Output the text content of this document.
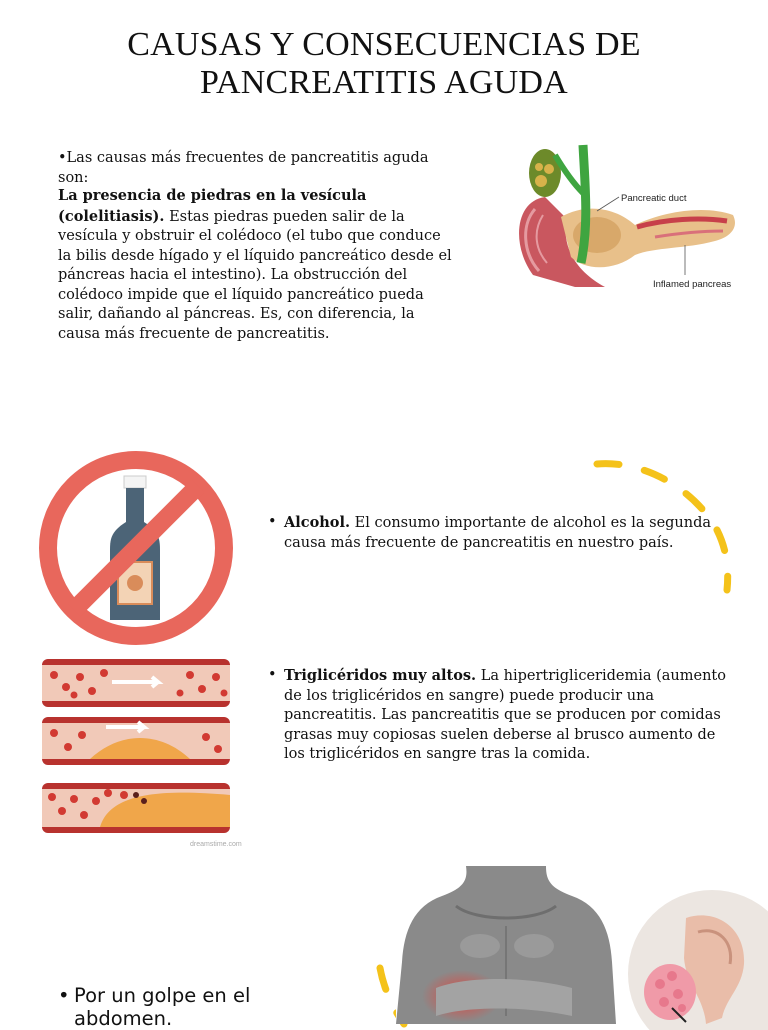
CAUSAS Y CONSECUENCIAS DE PANCREATITIS AGUDA
•Las causas más frecuentes de pancreatitis aguda son:
La presencia de piedras en la vesícula (colelitiasis). Estas piedras pueden salir de la vesícula y obstruir el colédoco (el tubo que conduce la bilis desde hígado y el líquido pancreático desde el páncreas hacia el intestino). La obstrucción del colédoco impide que el líquido pancreático pueda salir, dañando al páncreas. Es, con diferencia, la causa más frecuente de pancreatitis.
Pancreatic duct
Inflamed pancreas
• Alcohol. El consumo importante de alcohol es la segunda causa más frecuente de pancreatitis en nuestro país.
dreamstime.com
• Triglicéridos muy altos. La hipertrigliceridemia (aumento de los triglicéridos en sangre) puede producir una pancreatitis. Las pancreatitis que se producen por comidas grasas muy copiosas suelen deberse al brusco aumento de los triglicéridos en sangre tras la comida.
• Por un golpe en el abdomen.
